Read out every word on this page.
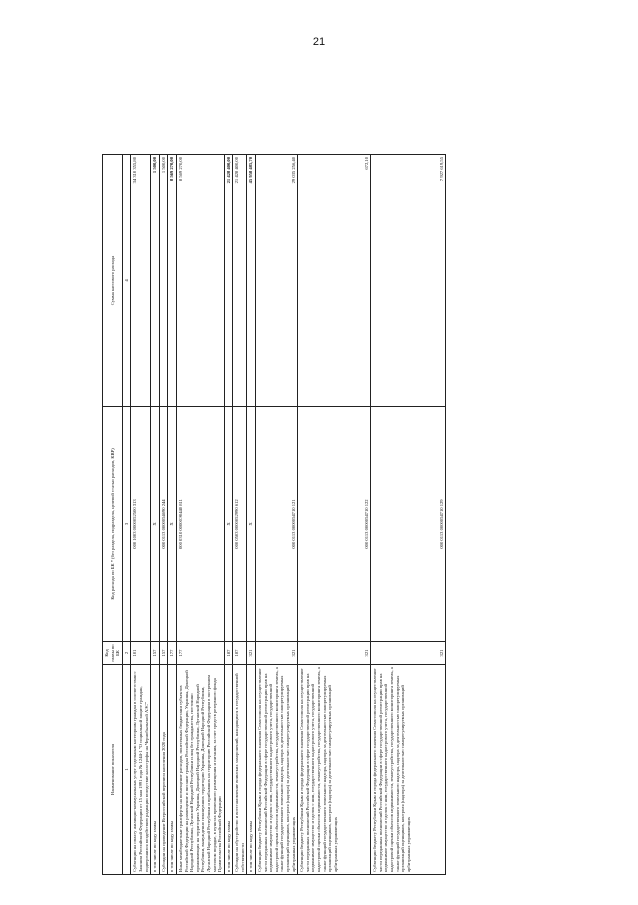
21
Наименование показателя	Код главы по БК	Код расхода по БК * (без раздела, подраздела, целевой статьи расходов, КВР)	Сумма кассового расхода
1	2	3	4
Субвенции на оплату жилищно-коммунальных услуг отдельным категориям граждан в соответствии с Законом Российской Федерации от 15 мая 1991 года № 1244-1 "О социальной защите граждан, подвергшихся воздействию радиации вследствие катастрофы на Чернобыльской АЭС"	101	000 1003 0000052500 313	34 310 355,80
в том числе по коду главы	157	X	1 500,00
Субсидии на проведение Всероссийской переписи населения 2020 года	157	000 0113 0000054690 244	1 500,00
в том числе по коду главы	177	X	8 569 270,00
Иные межбюджетные трансферты на возмещение расходов, понесенных бюджетами субъектов Российской Федерации на размещение и питание граждан Российской Федерации, Украины, Донецкой Народной Республики, Луганской Народной Республики и лиц без гражданства, постоянно проживающих на территориях Украины, Донецкой Народной Республики, Луганской Народной Республики, вынужденно покинувших территории Украины, Донецкой Народной Республики, Луганской Народной Республики и прибывших на территорию Российской Федерации в экстренном массовом порядке, в пунктах временного размещения и питания, за счет средств резервного фонда Правительства Российской Федерации	177	000 0310 00000Э0440 811	8 569 270,00
в том числе по коду главы	187	X	21 428 400,00
Субсидии на обустройство и восстановление воинских захоронений, находящихся в государственной собственности	187	000 0503 0000052990 612	21 428 400,00
в том числе по коду главы	321	X	45 958 485,70
Субвенции бюджету Республики Крым и города федерального значения Севастополя на осуществление части переданных полномочий Российской Федерации в сфере государственной регистрации прав на недвижимое имущество и сделок с ним, государственного кадастрового учета, государственной кадастровой оценки объектов недвижимости, землеустройства, государственного мониторинга земель, а также функций государственного земельного надзора, надзора за деятельностью саморегулируемых организаций оценщиков, контроля (надзора) за деятельностью саморегулируемых организаций арбитражных управляющих	321	000 0113 0000054710 121	29 035 256,40
Субвенции бюджету Республики Крым и города федерального значения Севастополя на осуществление части переданных полномочий Российской Федерации в сфере государственной регистрации прав на недвижимое имущество и сделок с ним, государственного кадастрового учета, государственной кадастровой оценки объектов недвижимости, землеустройства, государственного мониторинга земель, а также функций государственного земельного надзора, надзора за деятельностью саморегулируемых организаций оценщиков, контроля (надзора) за деятельностью саморегулируемых организаций арбитражных управляющих	321	000 0113 0000054710 122	672,10
Субвенции бюджету Республики Крым и города федерального значения Севастополя на осуществление части переданных полномочий Российской Федерации в сфере государственной регистрации прав на недвижимое имущество и сделок с ним, государственного кадастрового учета, государственной кадастровой оценки объектов недвижимости, землеустройства, государственного мониторинга земель, а также функций государственного земельного надзора, надзора за деятельностью саморегулируемых организаций оценщиков, контроля (надзора) за деятельностью саморегулируемых организаций арбитражных управляющих	321	000 0113 0000054710 129	7 927 619,55
